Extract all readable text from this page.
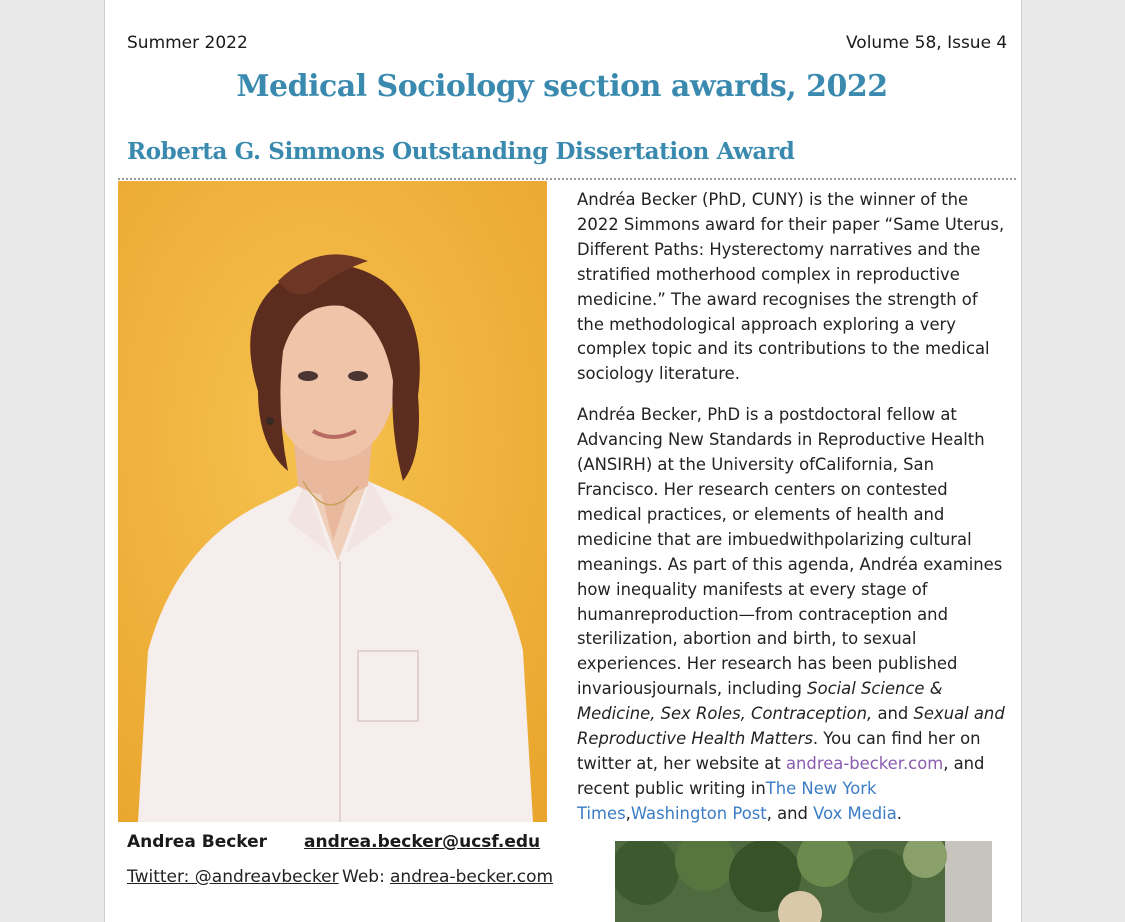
Summer 2022	Volume 58, Issue 4
Medical Sociology section awards, 2022
Roberta G. Simmons Outstanding Dissertation Award

Andréa Becker (PhD, CUNY) is the winner of the 2022 Simmons award for their paper “Same Uterus, Different Paths: Hysterectomy narratives and the stratified motherhood complex in reproductive medicine.” The award recognises the strength of the methodological approach exploring a very complex topic and its contributions to the medical sociology literature.

Andréa Becker, PhD is a postdoctoral fellow at Advancing New Standards in Reproductive Health (ANSIRH) at the University ofCalifornia, San Francisco. Her research centers on contested medical practices, or elements of health and medicine that are imbuedwithpolarizing cultural meanings. As part of this agenda, Andréa examines how inequality manifests at every stage of humanreproduction—from contraception and sterilization, abortion and birth, to sexual experiences. Her research has been published invariousjournals, including Social Science & Medicine, Sex Roles, Contraception, and Sexual and Reproductive Health Matters. You can find her on twitter at, her website at andrea-becker.com, and recent public writing inThe New York Times,Washington Post, and Vox Media.

Andrea Becker andrea.becker@ucsf.edu
Twitter: @andreavbecker Web: andrea-becker.com
